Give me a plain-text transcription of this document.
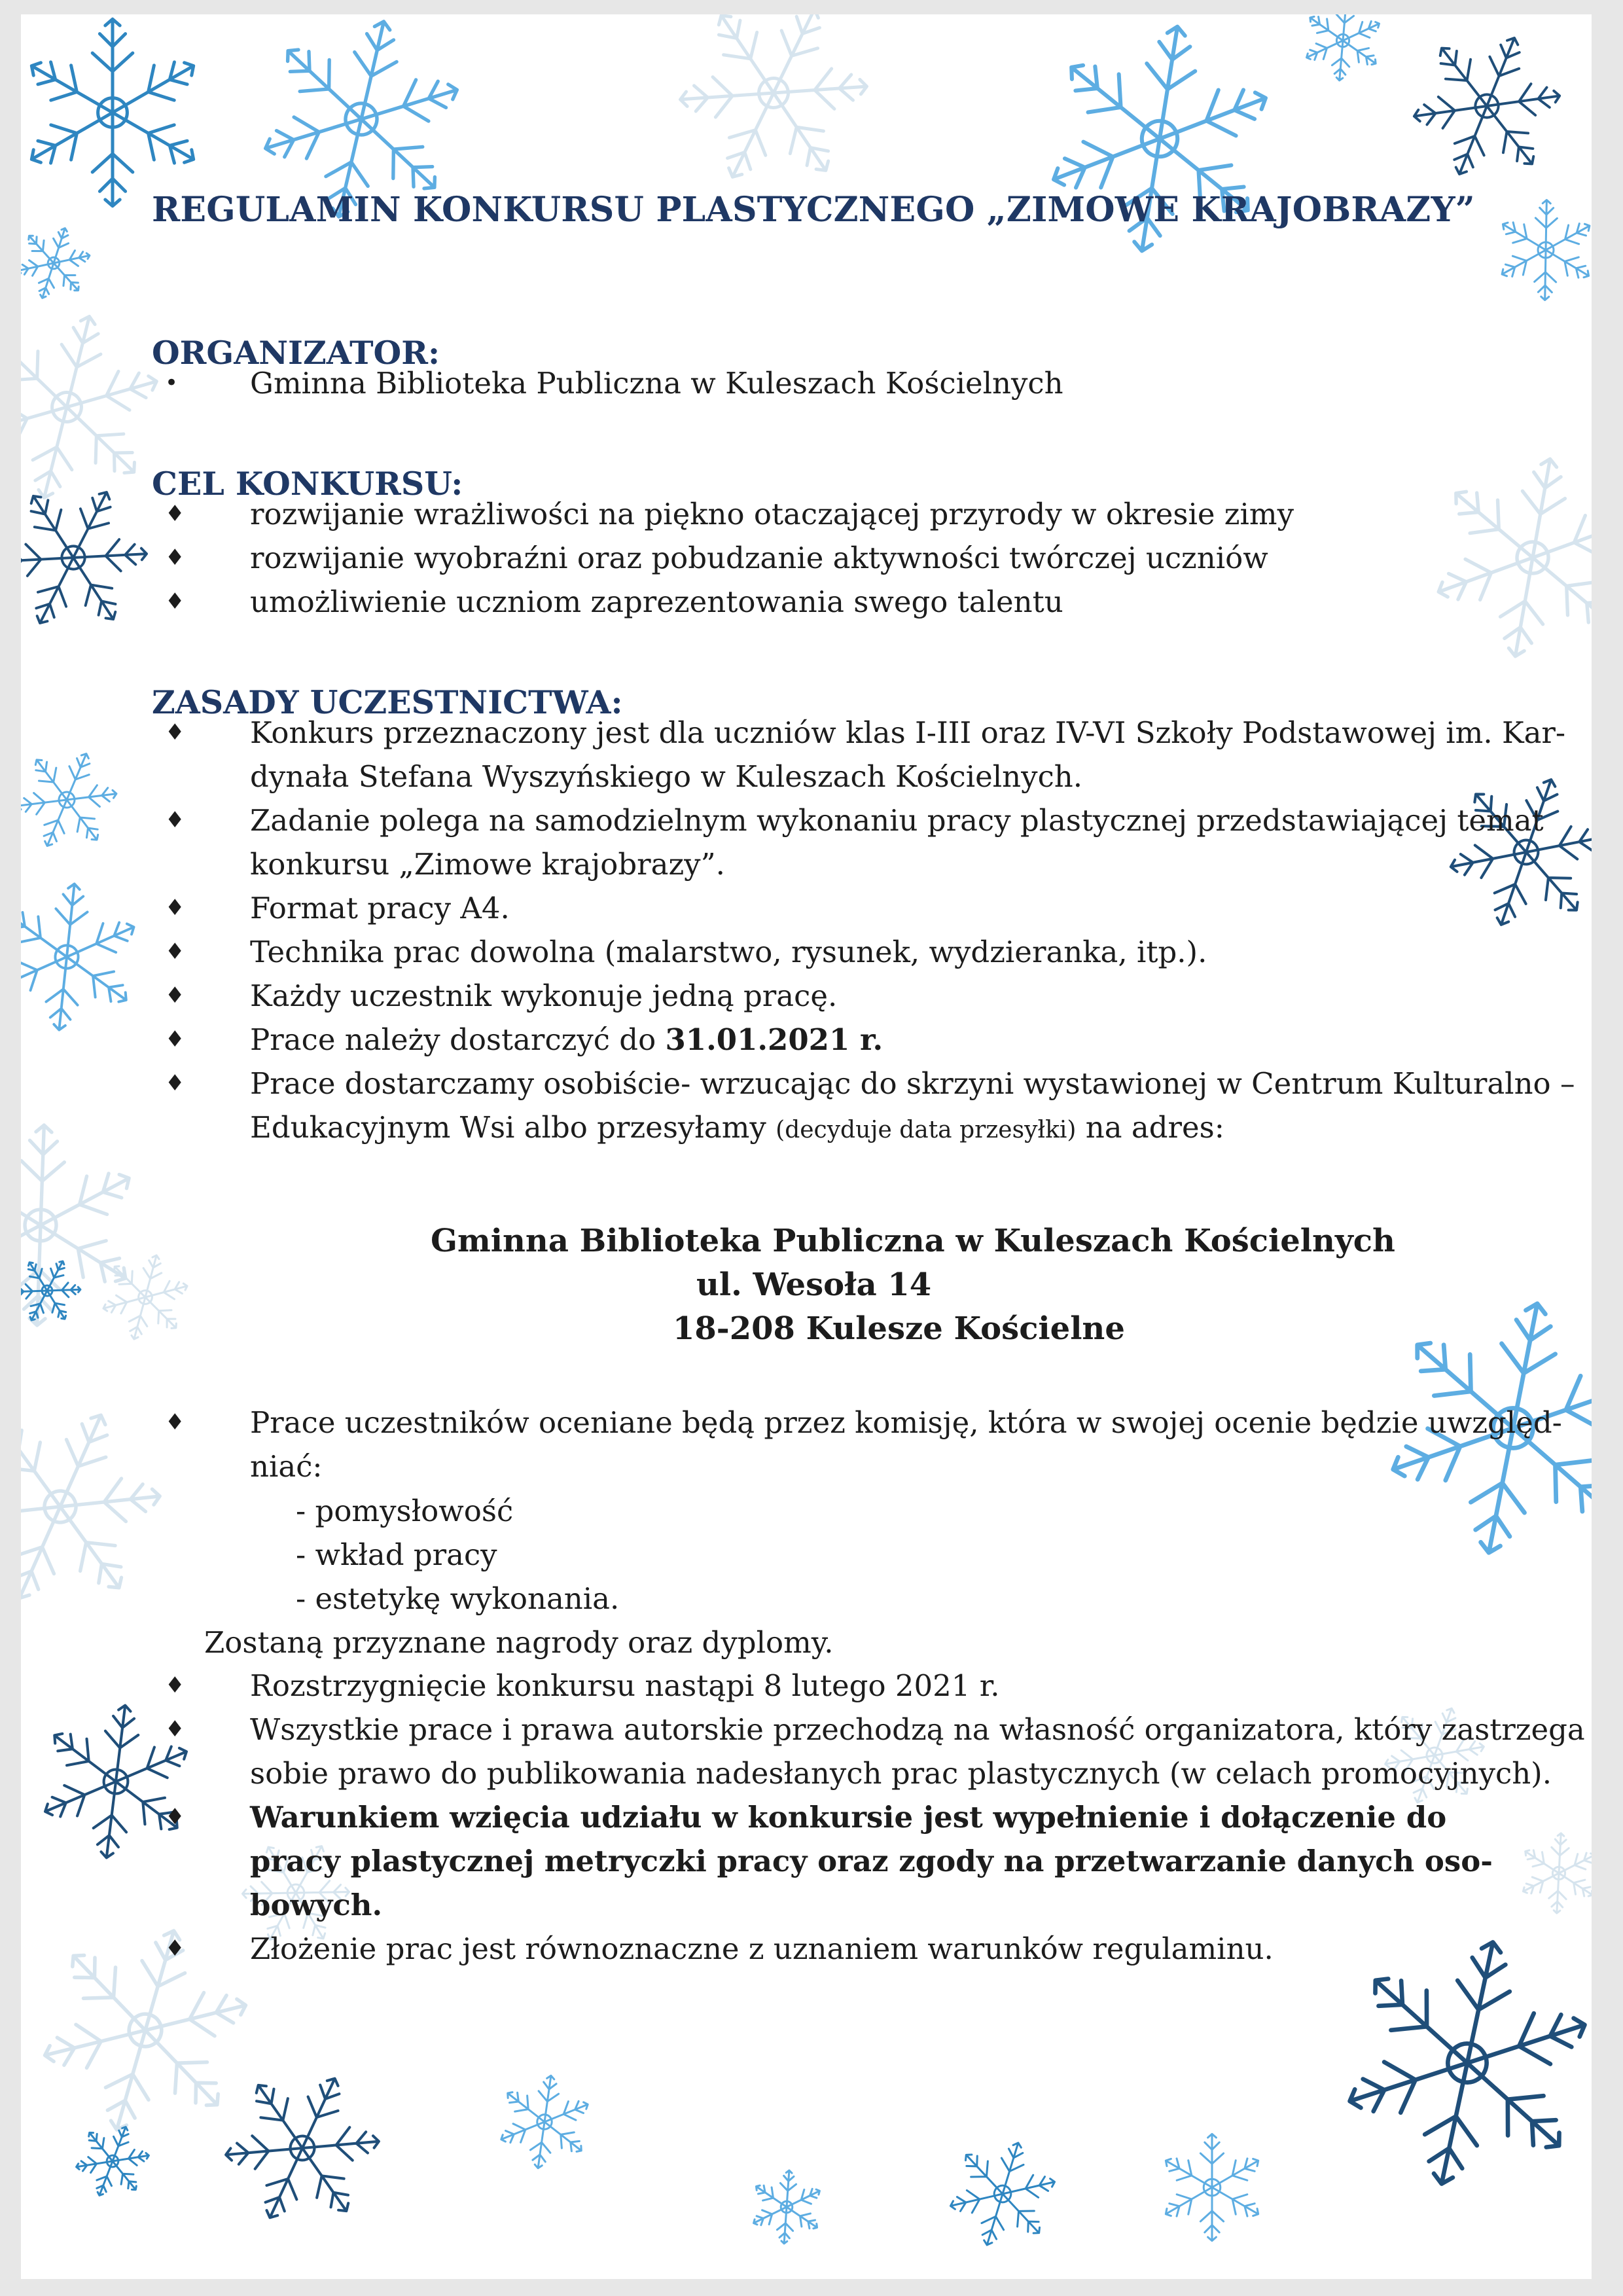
REGULAMIN KONKURSU PLASTYCZNEGO „ZIMOWE KRAJOBRAZY”
ORGANIZATOR:
•	Gminna Biblioteka Publiczna w Kuleszach Kościelnych
CEL KONKURSU:
♦	rozwijanie wrażliwości na piękno otaczającej przyrody w okresie zimy
♦	rozwijanie wyobraźni oraz pobudzanie aktywności twórczej uczniów
♦	umożliwienie uczniom zaprezentowania swego talentu
ZASADY UCZESTNICTWA:
♦	Konkurs przeznaczony jest dla uczniów klas I-III oraz IV-VI Szkoły Podstawowej im. Kar-
dynała Stefana Wyszyńskiego w Kuleszach Kościelnych.
♦	Zadanie polega na samodzielnym wykonaniu pracy plastycznej przedstawiającej temat
konkursu „Zimowe krajobrazy”.
♦	Format pracy A4.
♦	Technika prac dowolna (malarstwo, rysunek, wydzieranka, itp.).
♦	Każdy uczestnik wykonuje jedną pracę.
♦	Prace należy dostarczyć do 31.01.2021 r.
♦	Prace dostarczamy osobiście- wrzucając do skrzyni wystawionej w Centrum Kulturalno –
Edukacyjnym Wsi albo przesyłamy (decyduje data przesyłki) na adres:
Gminna Biblioteka Publiczna w Kuleszach Kościelnych
ul. Wesoła 14
18-208 Kulesze Kościelne
♦	Prace uczestników oceniane będą przez komisję, która w swojej ocenie będzie uwzględ-
niać:
- pomysłowość
- wkład pracy
- estetykę wykonania.
Zostaną przyznane nagrody oraz dyplomy.
♦	Rozstrzygnięcie konkursu nastąpi 8 lutego 2021 r.
♦	Wszystkie prace i prawa autorskie przechodzą na własność organizatora, który zastrzega
sobie prawo do publikowania nadesłanych prac plastycznych (w celach promocyjnych).
♦	Warunkiem wzięcia udziału w konkursie jest wypełnienie i dołączenie do
pracy plastycznej metryczki pracy oraz zgody na przetwarzanie danych oso-
bowych.
♦	Złożenie prac jest równoznaczne z uznaniem warunków regulaminu.
